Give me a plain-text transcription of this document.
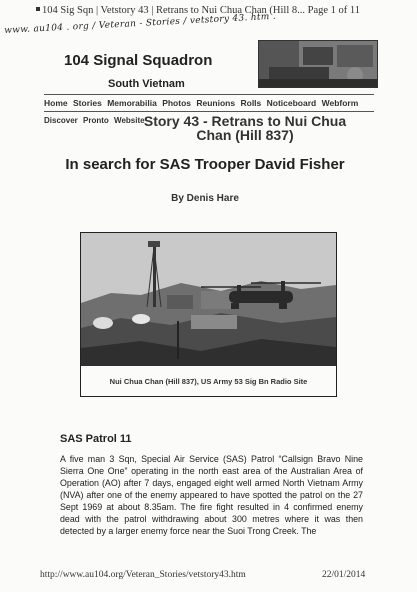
104 Sig Sqn | Vetstory 43 | Retrans to Nui Chua Chan (Hill 8... Page 1 of 11
www. au104 . org / Veteran - Stories / vetstory 43. htm .
104 Signal Squadron
South Vietnam
Home Stories Memorabilia Photos Reunions Rolls Noticeboard Webform
Discover Pronto Website Story 43 - Retrans to Nui Chua Chan (Hill 837)
In search for SAS Trooper David Fisher
By Denis Hare
Nui Chua Chan (Hill 837), US Army 53 Sig Bn Radio Site
SAS Patrol 11
A five man 3 Sqn, Special Air Service (SAS) Patrol “Callsign Bravo Nine Sierra One One” operating in the north east area of the Australian Area of Operation (AO) after 7 days, engaged eight well armed North Vietnam Army (NVA) after one of the enemy appeared to have spotted the patrol on the 27 Sept 1969 at about 8.35am. The fire fight resulted in 4 confirmed enemy dead with the patrol withdrawing about 300 metres where it was then detected by a larger enemy force near the Suoi Trong Creek. The
http://www.au104.org/Veteran_Stories/vetstory43.htm	22/01/2014
